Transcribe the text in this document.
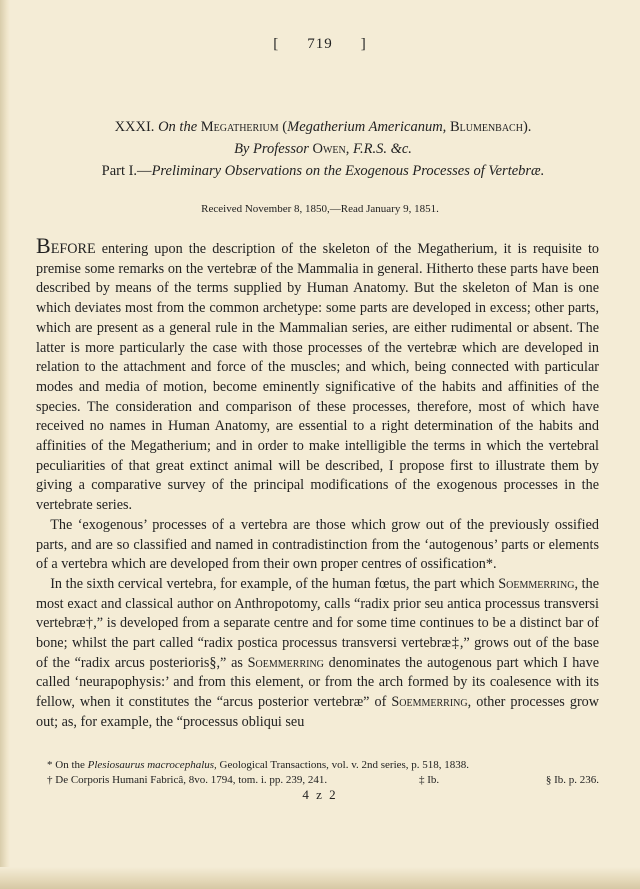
[ 719 ]
XXXI. On the Megatherium (Megatherium Americanum, Blumenbach).
By Professor Owen, F.R.S. &c.
Part I.—Preliminary Observations on the Exogenous Processes of Vertebræ.
Received November 8, 1850,—Read January 9, 1851.

BEFORE entering upon the description of the skeleton of the Megatherium, it is requisite to premise some remarks on the vertebræ of the Mammalia in general. Hitherto these parts have been described by means of the terms supplied by Human Anatomy. But the skeleton of Man is one which deviates most from the common archetype: some parts are developed in excess; other parts, which are present as a general rule in the Mammalian series, are either rudimental or absent. The latter is more particularly the case with those processes of the vertebræ which are developed in relation to the attachment and force of the muscles; and which, being connected with particular modes and media of motion, become eminently significative of the habits and affinities of the species. The consideration and comparison of these processes, therefore, most of which have received no names in Human Anatomy, are essential to a right determination of the habits and affinities of the Megatherium; and in order to make intelligible the terms in which the vertebral peculiarities of that great extinct animal will be described, I propose first to illustrate them by giving a comparative survey of the principal modifications of the exogenous processes in the vertebrate series.

 The ‘exogenous’ processes of a vertebra are those which grow out of the previously ossified parts, and are so classified and named in contradistinction from the ‘autogenous’ parts or elements of a vertebra which are developed from their own proper centres of ossification*.

 In the sixth cervical vertebra, for example, of the human fœtus, the part which Soemmerring, the most exact and classical author on Anthropotomy, calls “radix prior seu antica processus transversi vertebræ†,” is developed from a separate centre and for some time continues to be a distinct bar of bone; whilst the part called “radix postica processus transversi vertebræ‡,” grows out of the base of the “radix arcus posterioris§,” as Soemmerring denominates the autogenous part which I have called ‘neurapophysis:’ and from this element, or from the arch formed by its coalesence with its fellow, when it constitutes the “arcus posterior vertebræ” of Soemmerring, other processes grow out; as, for example, the “processus obliqui seu

 * On the Plesiosaurus macrocephalus, Geological Transactions, vol. v. 2nd series, p. 518, 1838.
 † De Corporis Humani Fabricâ, 8vo. 1794, tom. i. pp. 239, 241.	‡ Ib.	§ Ib. p. 236.
4 z 2
